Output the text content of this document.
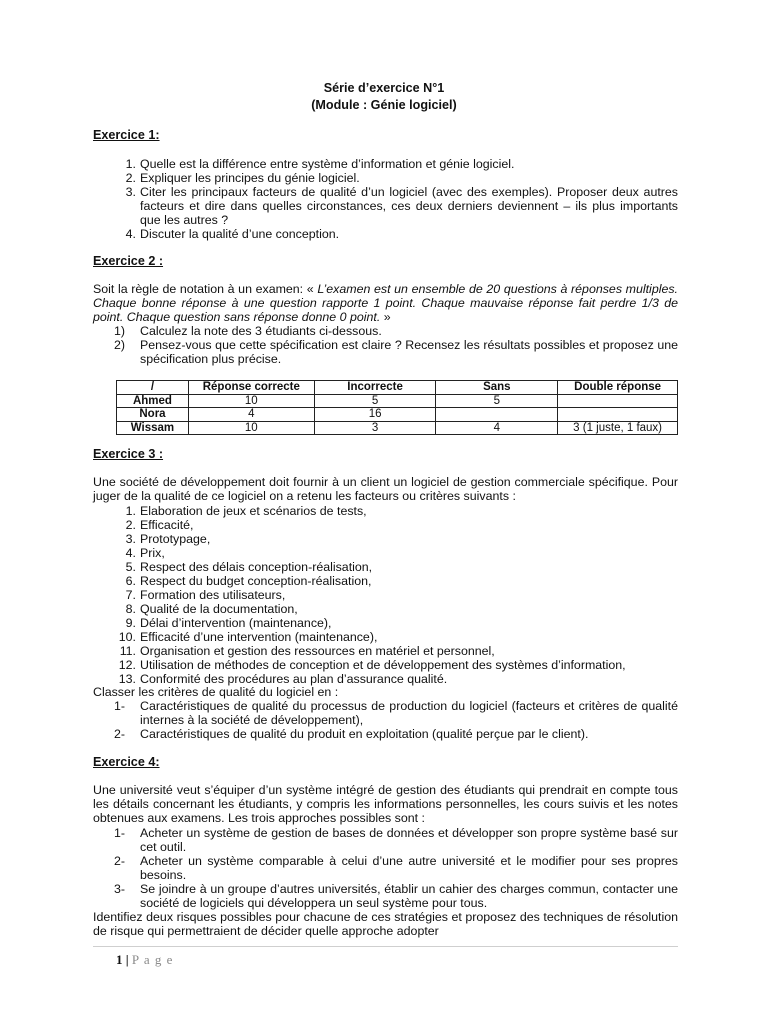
Série d’exercice N°1
(Module : Génie logiciel)
Exercice 1:
1. Quelle est la différence entre système d’information et génie logiciel.
2. Expliquer les principes du génie logiciel.
3. Citer les principaux facteurs de qualité d’un logiciel (avec des exemples). Proposer deux autres facteurs et dire dans quelles circonstances, ces deux derniers deviennent – ils plus importants que les autres ?
4. Discuter la qualité d’une conception.
Exercice 2 :
Soit la règle de notation à un examen: « L’examen est un ensemble de 20 questions à réponses multiples. Chaque bonne réponse à une question rapporte 1 point. Chaque mauvaise réponse fait perdre 1/3 de point. Chaque question sans réponse donne 0 point. »
1)	Calculez la note des 3 étudiants ci-dessous.
2)	Pensez-vous que cette spécification est claire ? Recensez les résultats possibles et proposez une spécification plus précise.
/	Réponse correcte	Incorrecte	Sans	Double réponse
Ahmed	10	5	5	
Nora	4	16		
Wissam	10	3	4	3 (1 juste, 1 faux)
Exercice 3 :
Une société de développement doit fournir à un client un logiciel de gestion commerciale spécifique. Pour juger de la qualité de ce logiciel on a retenu les facteurs ou critères suivants :
1. Elaboration de jeux et scénarios de tests,
2. Efficacité,
3. Prototypage,
4. Prix,
5. Respect des délais conception-réalisation,
6. Respect du budget conception-réalisation,
7. Formation des utilisateurs,
8. Qualité de la documentation,
9. Délai d’intervention (maintenance),
10. Efficacité d’une intervention (maintenance),
11. Organisation et gestion des ressources en matériel et personnel,
12. Utilisation de méthodes de conception et de développement des systèmes d’information,
13. Conformité des procédures au plan d’assurance qualité.
Classer les critères de qualité du logiciel en :
1-	Caractéristiques de qualité du processus de production du logiciel (facteurs et critères de qualité internes à la société de développement),
2-	Caractéristiques de qualité du produit en exploitation (qualité perçue par le client).
Exercice 4:
Une université veut s’équiper d’un système intégré de gestion des étudiants qui prendrait en compte tous les détails concernant les étudiants, y compris les informations personnelles, les cours suivis et les notes obtenues aux examens. Les trois approches possibles sont :
1-	Acheter un système de gestion de bases de données et développer son propre système basé sur cet outil.
2-	Acheter un système comparable à celui d’une autre université et le modifier pour ses propres besoins.
3-	Se joindre à un groupe d’autres universités, établir un cahier des charges commun, contacter une société de logiciels qui développera un seul système pour tous.
Identifiez deux risques possibles pour chacune de ces stratégies et proposez des techniques de résolution de risque qui permettraient de décider quelle approche adopter
1 | P a g e
